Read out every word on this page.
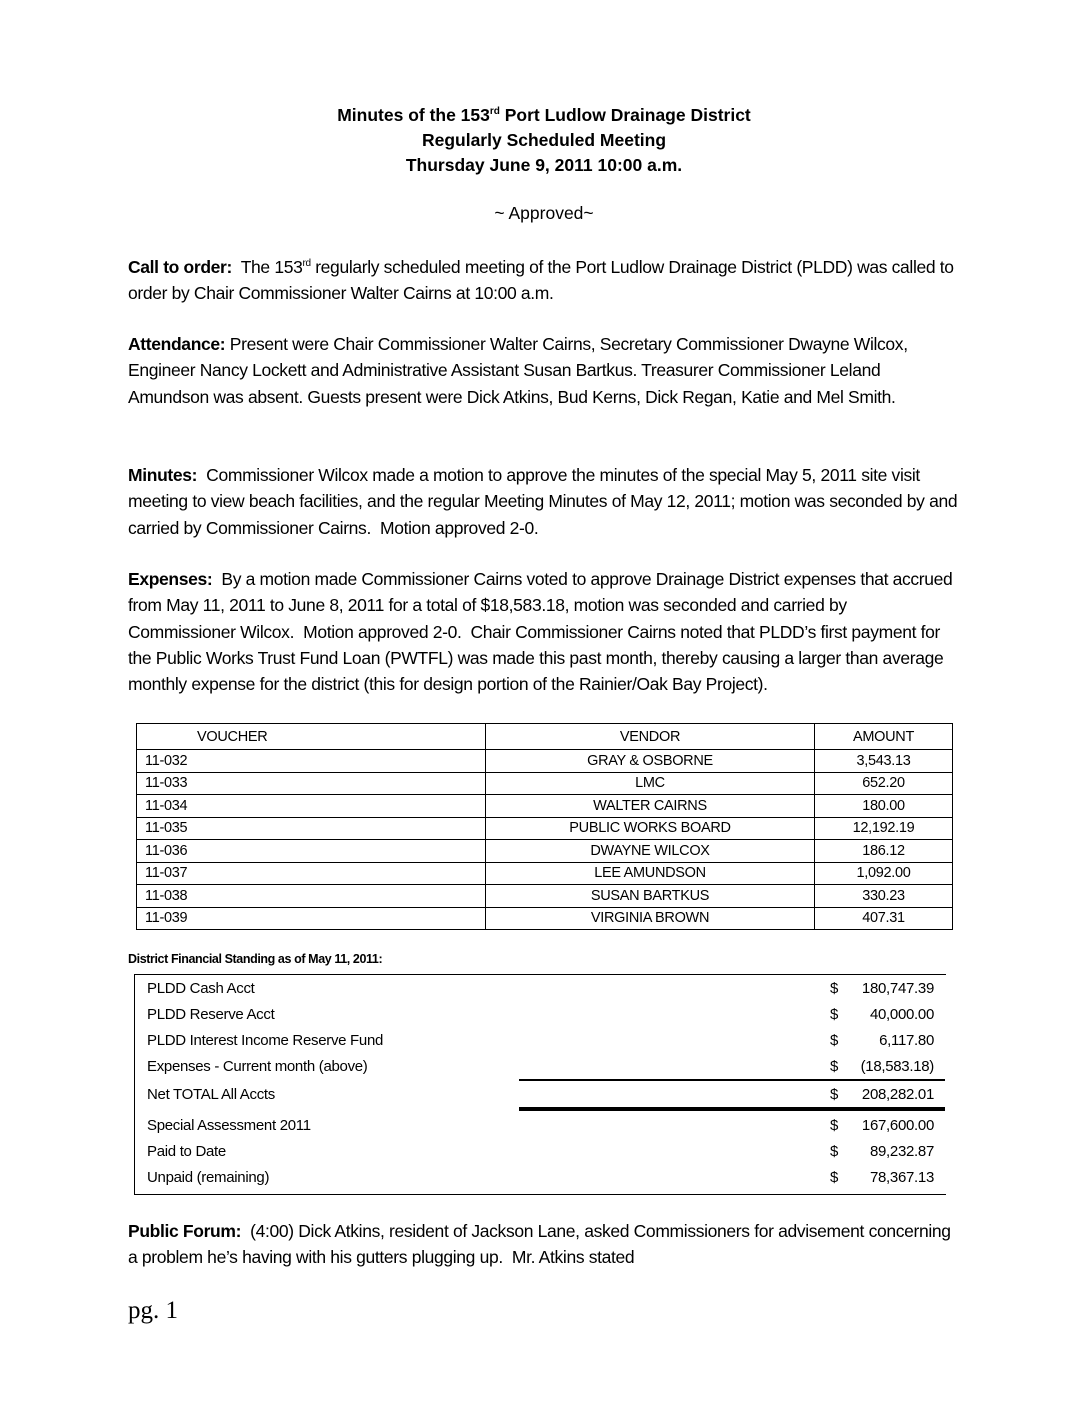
Minutes of the 153rd Port Ludlow Drainage District
Regularly Scheduled Meeting
Thursday June 9, 2011 10:00 a.m.
~ Approved~
Call to order:  The 153rd regularly scheduled meeting of the Port Ludlow Drainage District (PLDD) was called to order by Chair Commissioner Walter Cairns at 10:00 a.m.
Attendance: Present were Chair Commissioner Walter Cairns, Secretary Commissioner Dwayne Wilcox, Engineer Nancy Lockett and Administrative Assistant Susan Bartkus. Treasurer Commissioner Leland Amundson was absent. Guests present were Dick Atkins, Bud Kerns, Dick Regan, Katie and Mel Smith.
Minutes:  Commissioner Wilcox made a motion to approve the minutes of the special May 5, 2011 site visit meeting to view beach facilities, and the regular Meeting Minutes of May 12, 2011; motion was seconded by and carried by Commissioner Cairns.  Motion approved 2-0.
Expenses:  By a motion made Commissioner Cairns voted to approve Drainage District expenses that accrued from May 11, 2011 to June 8, 2011 for a total of $18,583.18, motion was seconded and carried by Commissioner Wilcox.  Motion approved 2-0.  Chair Commissioner Cairns noted that PLDD’s first payment for the Public Works Trust Fund Loan (PWTFL) was made this past month, thereby causing a larger than average monthly expense for the district (this for design portion of the Rainier/Oak Bay Project).
VOUCHER	VENDOR	AMOUNT
11-032	GRAY & OSBORNE	3,543.13
11-033	LMC	652.20
11-034	WALTER CAIRNS	180.00
11-035	PUBLIC WORKS BOARD	12,192.19
11-036	DWAYNE WILCOX	186.12
11-037	LEE AMUNDSON	1,092.00
11-038	SUSAN BARTKUS	330.23
11-039	VIRGINIA BROWN	407.31
District Financial Standing as of May 11, 2011:
PLDD Cash Acct	$ 180,747.39
PLDD Reserve Acct	$ 40,000.00
PLDD Interest Income Reserve Fund	$	6,117.80
Expenses - Current month (above)	$ (18,583.18)
Net TOTAL All Accts	$ 208,282.01
Special Assessment 2011	$ 167,600.00
Paid to Date	$ 89,232.87
Unpaid (remaining)	$ 78,367.13
Public Forum:  (4:00) Dick Atkins, resident of Jackson Lane, asked Commissioners for advisement concerning a problem he’s having with his gutters plugging up.  Mr. Atkins stated
pg. 1
